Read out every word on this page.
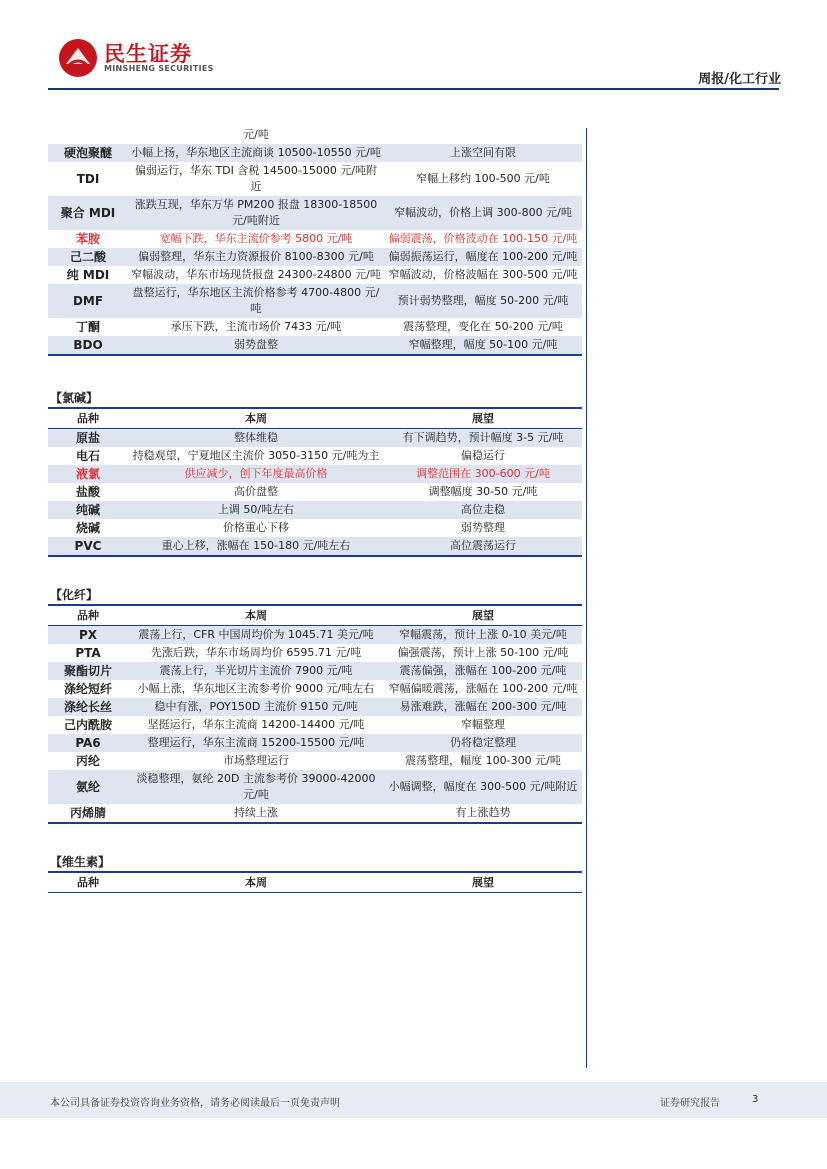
民生证券
MINSHENG SECURITIES
周报/化工行业
	元/吨	
硬泡聚醚	小幅上扬，华东地区主流商谈 10500-10550 元/吨	上涨空间有限
TDI	偏弱运行，华东 TDI 含税 14500-15000 元/吨附近	窄幅上移约 100-500 元/吨
聚合 MDI	涨跌互现，华东万华 PM200 报盘 18300-18500 元/吨附近	窄幅波动，价格上调 300-800 元/吨
苯胺	宽幅下跌，华东主流价参考 5800 元/吨	偏弱震荡，价格波动在 100-150 元/吨
己二酸	偏弱整理，华东主力资源报价 8100-8300 元/吨	偏弱振荡运行，幅度在 100-200 元/吨
纯 MDI	窄幅波动，华东市场现货报盘 24300-24800 元/吨	窄幅波动，价格波幅在 300-500 元/吨
DMF	盘整运行，华东地区主流价格参考 4700-4800 元/吨	预计弱势整理，幅度 50-200 元/吨
丁酮	承压下跌，主流市场价 7433 元/吨	震荡整理，变化在 50-200 元/吨
BDO	弱势盘整	窄幅整理，幅度 50-100 元/吨
【氯碱】
品种	本周	展望
原盐	整体维稳	有下调趋势，预计幅度 3-5 元/吨
电石	持稳观望，宁夏地区主流价 3050-3150 元/吨为主	偏稳运行
液氯	供应减少，创下年度最高价格	调整范围在 300-600 元/吨
盐酸	高价盘整	调整幅度 30-50 元/吨
纯碱	上调 50/吨左右	高位走稳
烧碱	价格重心下移	弱势整理
PVC	重心上移，涨幅在 150-180 元/吨左右	高位震荡运行
【化纤】
品种	本周	展望
PX	震荡上行，CFR 中国周均价为 1045.71 美元/吨	窄幅震荡，预计上涨 0-10 美元/吨
PTA	先涨后跌，华东市场周均价 6595.71 元/吨	偏强震荡，预计上涨 50-100 元/吨
聚酯切片	震荡上行，半光切片主流价 7900 元/吨	震荡偏强，涨幅在 100-200 元/吨
涤纶短纤	小幅上涨，华东地区主流参考价 9000 元/吨左右	窄幅偏暖震荡，涨幅在 100-200 元/吨
涤纶长丝	稳中有涨，POY150D 主流价 9150 元/吨	易涨难跌，涨幅在 200-300 元/吨
己内酰胺	坚挺运行，华东主流商 14200-14400 元/吨	窄幅整理
PA6	整理运行，华东主流商 15200-15500 元/吨	仍将稳定整理
丙纶	市场整理运行	震荡整理，幅度 100-300 元/吨
氨纶	淡稳整理，氨纶 20D 主流参考价 39000-42000 元/吨	小幅调整，幅度在 300-500 元/吨附近
丙烯腈	持续上涨	有上涨趋势
【维生素】
品种	本周	展望
本公司具备证券投资咨询业务资格，请务必阅读最后一页免责声明	证券研究报告	3
